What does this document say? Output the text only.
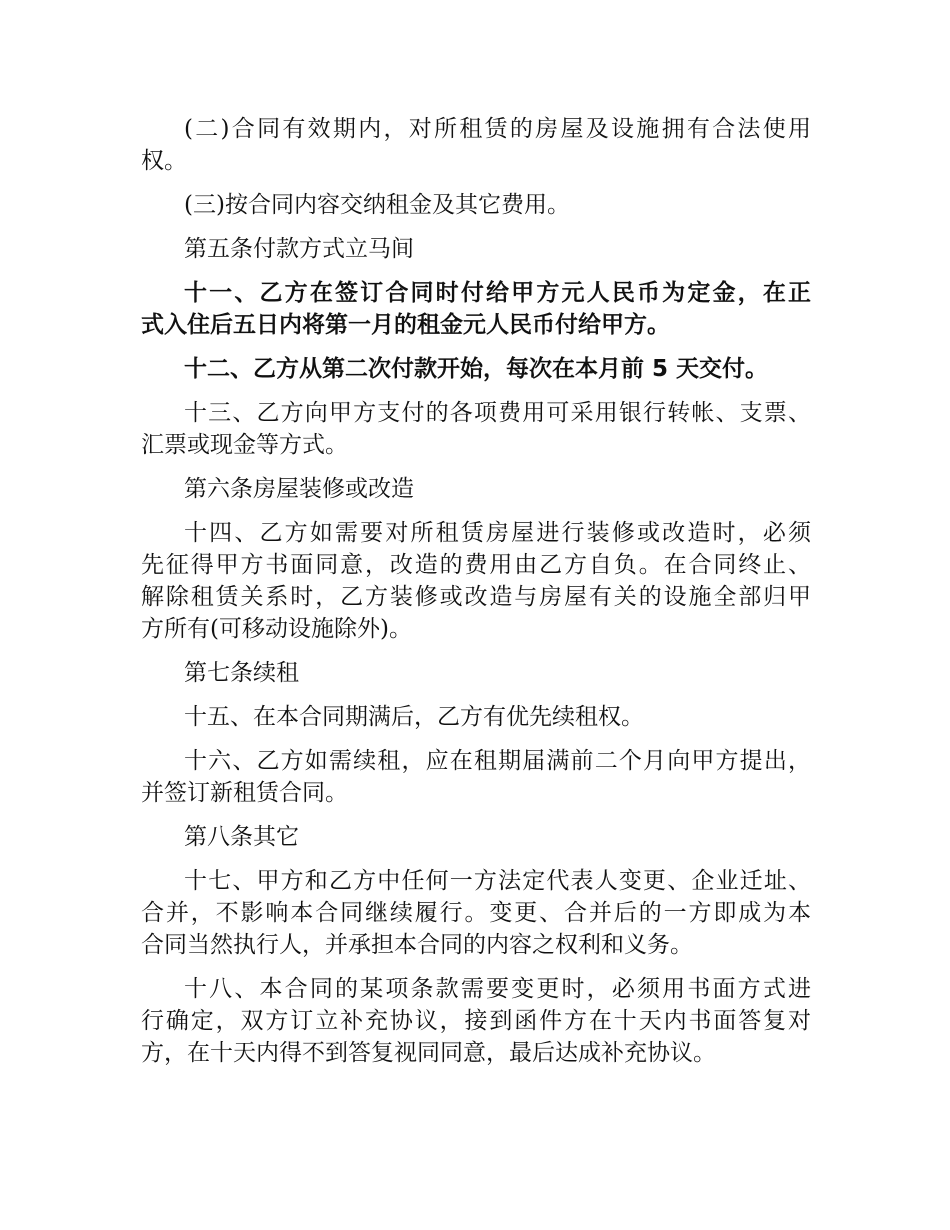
(二)合同有效期内，对所租赁的房屋及设施拥有合法使用
权。

(三)按合同内容交纳租金及其它费用。

第五条付款方式立马间

十一、乙方在签订合同时付给甲方元人民币为定金，在正
式入住后五日内将第一月的租金元人民币付给甲方。

十二、乙方从第二次付款开始，每次在本月前 5 天交付。

十三、乙方向甲方支付的各项费用可采用银行转帐、支票、
汇票或现金等方式。

第六条房屋装修或改造

十四、乙方如需要对所租赁房屋进行装修或改造时，必须
先征得甲方书面同意，改造的费用由乙方自负。在合同终止、
解除租赁关系时，乙方装修或改造与房屋有关的设施全部归甲
方所有(可移动设施除外)。

第七条续租

十五、在本合同期满后，乙方有优先续租权。

十六、乙方如需续租，应在租期届满前二个月向甲方提出，
并签订新租赁合同。

第八条其它

十七、甲方和乙方中任何一方法定代表人变更、企业迁址、
合并，不影响本合同继续履行。变更、合并后的一方即成为本
合同当然执行人，并承担本合同的内容之权利和义务。

十八、本合同的某项条款需要变更时，必须用书面方式进
行确定，双方订立补充协议，接到函件方在十天内书面答复对
方，在十天内得不到答复视同同意，最后达成补充协议。
